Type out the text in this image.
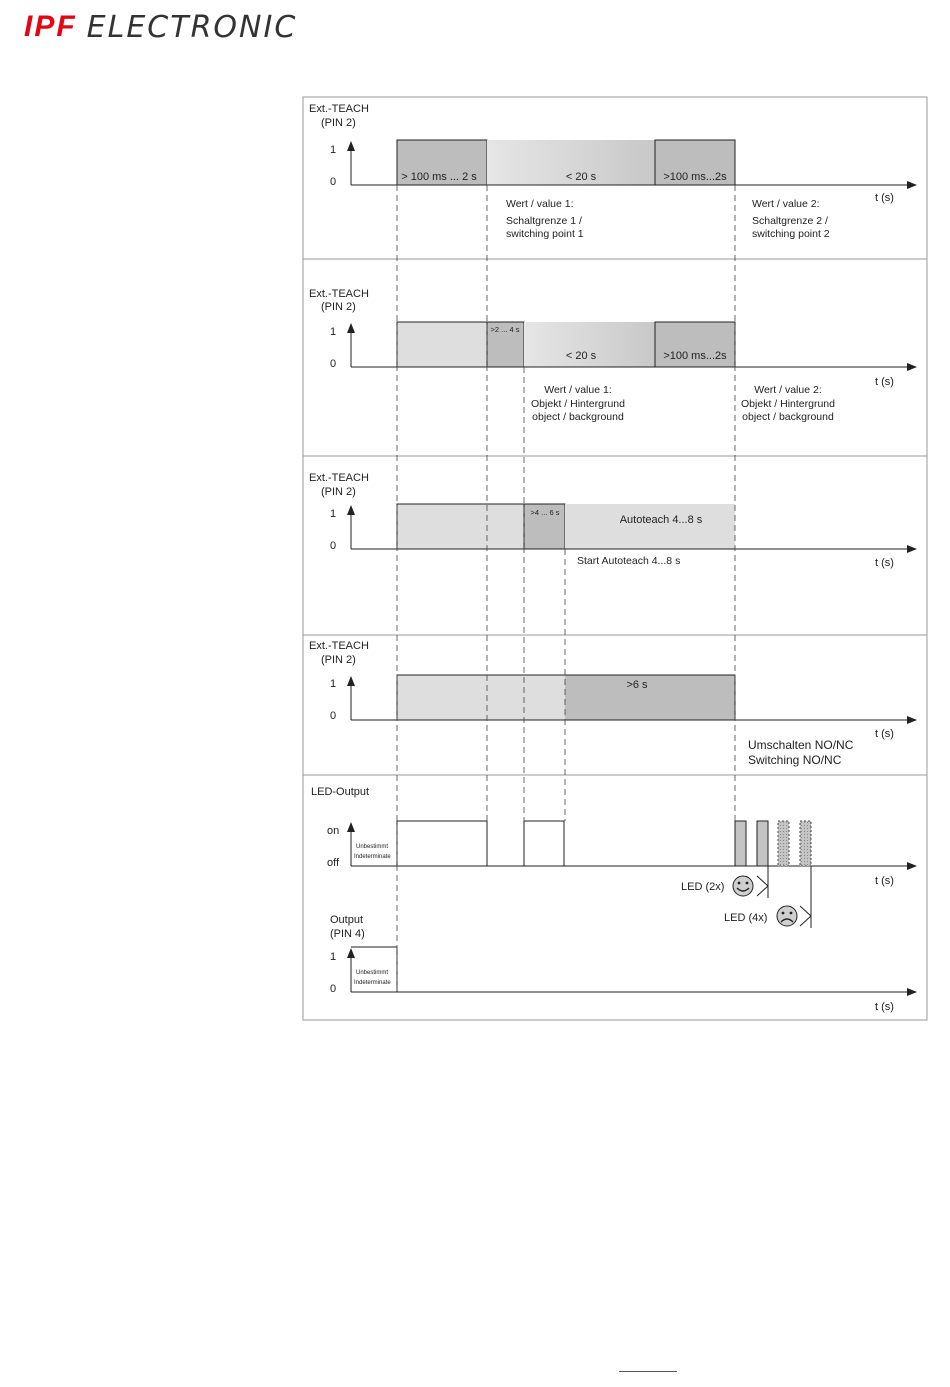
IPF ELECTRONIC
Ext.-TEACH
(PIN 2)
1
0	> 100 ms ... 2 s	< 20 s	>100 ms...2s
t (s)
Wert / value 1:
Schaltgrenze 1 /
switching point 1
Wert / value 2:
Schaltgrenze 2 /
switching point 2
Ext.-TEACH
(PIN 2)
1
0
>2 ... 4 s
< 20 s	>100 ms...2s
t (s)
Wert / value 1:
Objekt / Hintergrund
object / background
Wert / value 2:
Objekt / Hintergrund
object / background
Ext.-TEACH
(PIN 2)
1
0
>4 ... 6 s
Autoteach 4...8 s
Start Autoteach 4...8 s	t (s)
Ext.-TEACH
(PIN 2)
1
0
>6 s
t (s)
Umschalten NO/NC
Switching NO/NC
LED-Output
on
off
Unbestimmt
Indeterminate
t (s)
LED (2x)
LED (4x)
Output
(PIN 4)
1
0
Unbestimmt
Indeterminate
t (s)
